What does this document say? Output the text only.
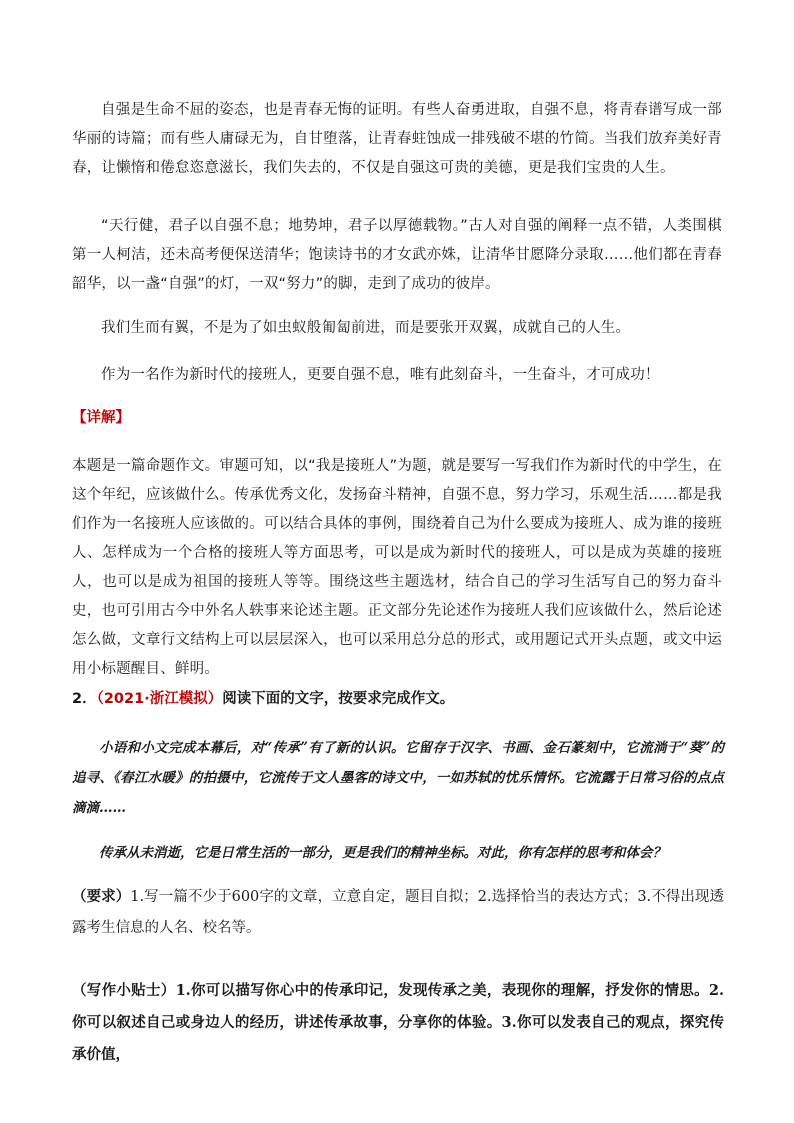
自强是生命不屈的姿态，也是青春无悔的证明。有些人奋勇进取，自强不息，将青春谱写成一部华丽的诗篇；而有些人庸碌无为，自甘堕落，让青春蛀蚀成一排残破不堪的竹简。当我们放弃美好青春，让懒惰和倦怠恣意滋长，我们失去的，不仅是自强这可贵的美德，更是我们宝贵的人生。

“天行健，君子以自强不息；地势坤，君子以厚德载物。”古人对自强的阐释一点不错，人类围棋第一人柯洁，还未高考便保送清华；饱读诗书的才女武亦姝，让清华甘愿降分录取……他们都在青春韶华，以一盏“自强”的灯，一双“努力”的脚，走到了成功的彼岸。

我们生而有翼，不是为了如虫蚁般匍匐前进，而是要张开双翼，成就自己的人生。

作为一名作为新时代的接班人，更要自强不息，唯有此刻奋斗，一生奋斗，才可成功！

【详解】

本题是一篇命题作文。审题可知，以“我是接班人”为题，就是要写一写我们作为新时代的中学生，在这个年纪，应该做什么。传承优秀文化，发扬奋斗精神，自强不息，努力学习，乐观生活……都是我们作为一名接班人应该做的。可以结合具体的事例，围绕着自己为什么要成为接班人、成为谁的接班人、怎样成为一个合格的接班人等方面思考，可以是成为新时代的接班人，可以是成为英雄的接班人，也可以是成为祖国的接班人等等。围绕这些主题选材，结合自己的学习生活写自己的努力奋斗史，也可引用古今中外名人轶事来论述主题。正文部分先论述作为接班人我们应该做什么，然后论述怎么做，文章行文结构上可以层层深入，也可以采用总分总的形式，或用题记式开头点题，或文中运用小标题醒目、鲜明。

2．（2021·浙江模拟）阅读下面的文字，按要求完成作文。

小语和小文完成本幕后，对“传承”有了新的认识。它留存于汉字、书画、金石篆刻中，它流淌于“葵”的追寻、《春江水暖》的拍摄中，它流传于文人墨客的诗文中，一如苏轼的忧乐情怀。它流露于日常习俗的点点滴滴……

传承从未消逝，它是日常生活的一部分，更是我们的精神坐标。对此，你有怎样的思考和体会？

（要求）1.写一篇不少于600字的文章，立意自定，题目自拟；2.选择恰当的表达方式；3.不得出现透露考生信息的人名、校名等。

（写作小贴士）1.你可以描写你心中的传承印记，发现传承之美，表现你的理解，抒发你的情思。2.你可以叙述自己或身边人的经历，讲述传承故事，分享你的体验。3.你可以发表自己的观点，探究传承价值，
